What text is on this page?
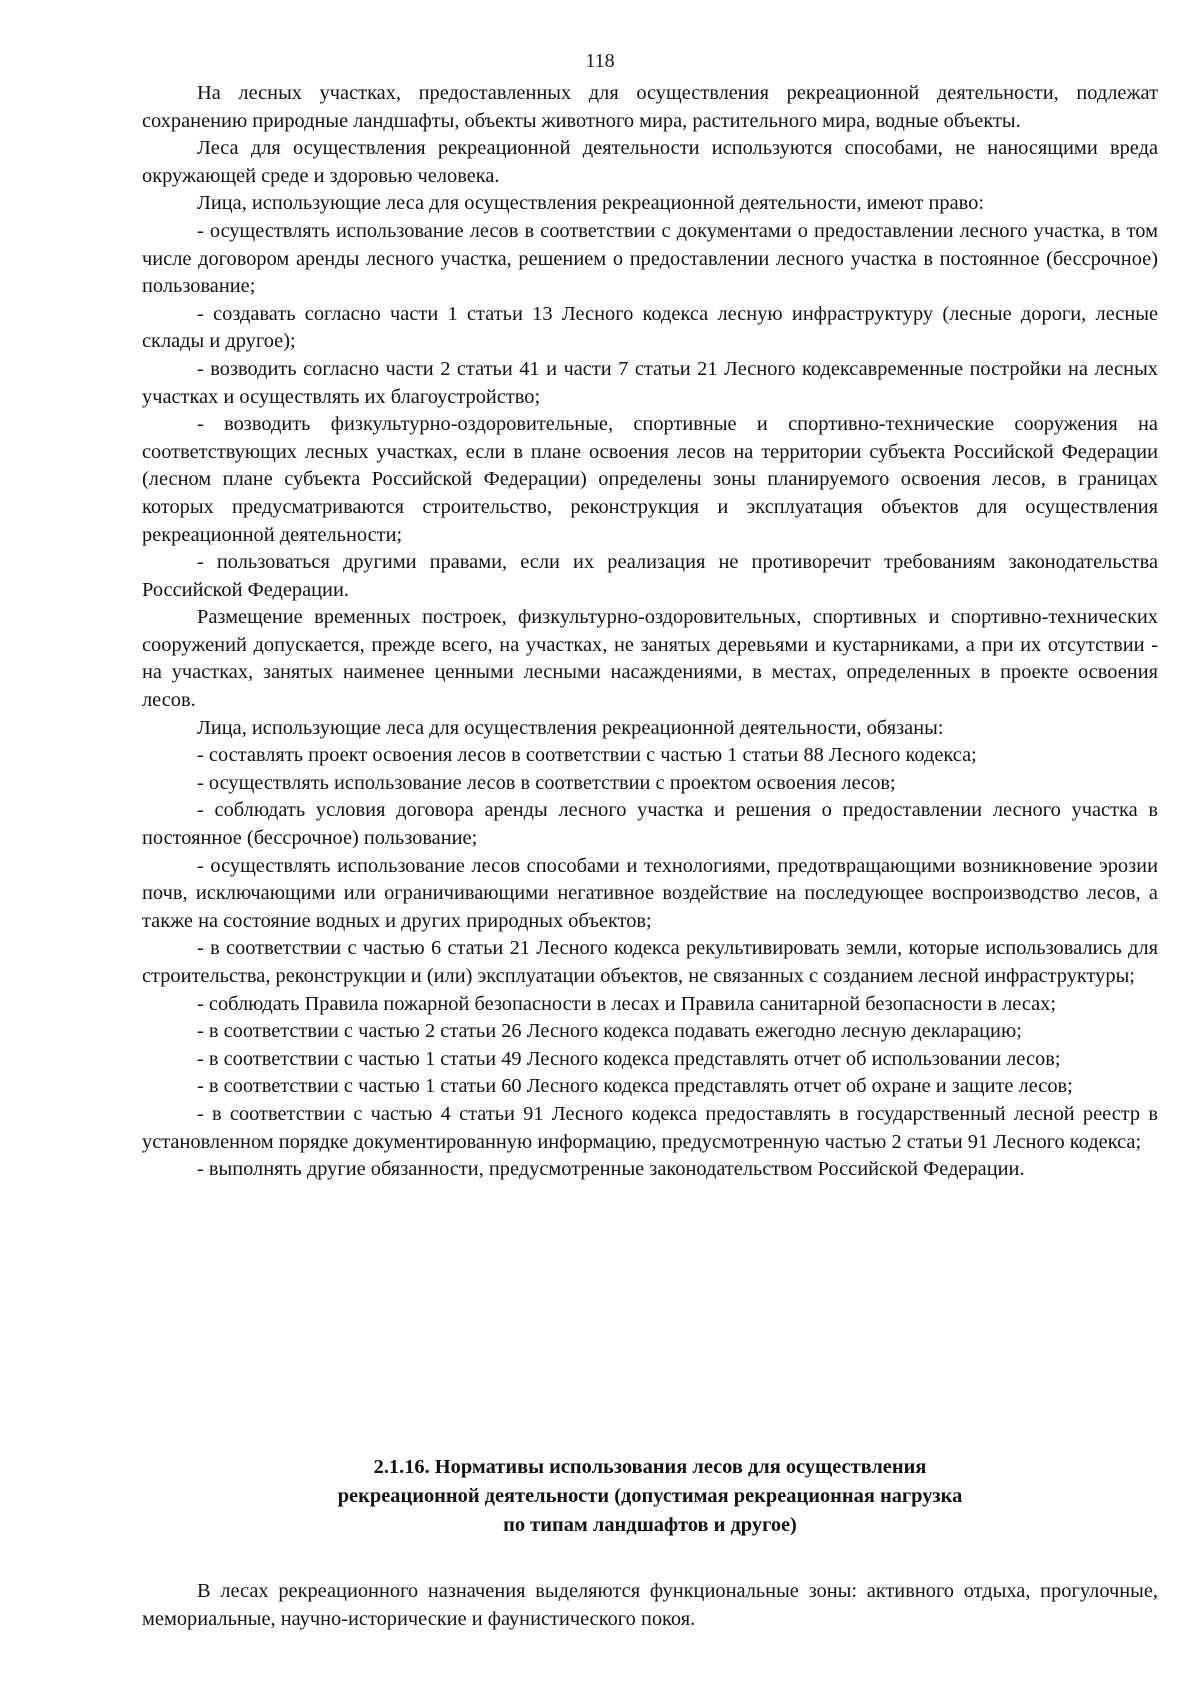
118

На лесных участках, предоставленных для осуществления рекреационной деятельности, подлежат сохранению природные ландшафты, объекты животного мира, растительного мира, водные объекты.

Леса для осуществления рекреационной деятельности используются способами, не наносящими вреда окружающей среде и здоровью человека.

Лица, использующие леса для осуществления рекреационной деятельности, имеют право:

- осуществлять использование лесов в соответствии с документами о предоставлении лесного участка, в том числе договором аренды лесного участка, решением о предоставлении лесного участка в постоянное (бессрочное) пользование;

- создавать согласно части 1 статьи 13 Лесного кодекса лесную инфраструктуру (лесные дороги, лесные склады и другое);

- возводить согласно части 2 статьи 41 и части 7 статьи 21 Лесного кодексавременные постройки на лесных участках и осуществлять их благоустройство;

- возводить физкультурно-оздоровительные, спортивные и спортивно-технические сооружения на соответствующих лесных участках, если в плане освоения лесов на территории субъекта Российской Федерации (лесном плане субъекта Российской Федерации) определены зоны планируемого освоения лесов, в границах которых предусматриваются строительство, реконструкция и эксплуатация объектов для осуществления рекреационной деятельности;

- пользоваться другими правами, если их реализация не противоречит требованиям законодательства Российской Федерации.

Размещение временных построек, физкультурно-оздоровительных, спортивных и спортивно-технических сооружений допускается, прежде всего, на участках, не занятых деревьями и кустарниками, а при их отсутствии - на участках, занятых наименее ценными лесными насаждениями, в местах, определенных в проекте освоения лесов.

Лица, использующие леса для осуществления рекреационной деятельности, обязаны:

- составлять проект освоения лесов в соответствии с частью 1 статьи 88 Лесного кодекса;

- осуществлять использование лесов в соответствии с проектом освоения лесов;

- соблюдать условия договора аренды лесного участка и решения о предоставлении лесного участка в постоянное (бессрочное) пользование;

- осуществлять использование лесов способами и технологиями, предотвращающими возникновение эрозии почв, исключающими или ограничивающими негативное воздействие на последующее воспроизводство лесов, а также на состояние водных и других природных объектов;

- в соответствии с частью 6 статьи 21 Лесного кодекса рекультивировать земли, которые использовались для строительства, реконструкции и (или) эксплуатации объектов, не связанных с созданием лесной инфраструктуры;

- соблюдать Правила пожарной безопасности в лесах и Правила санитарной безопасности в лесах;

- в соответствии с частью 2 статьи 26 Лесного кодекса подавать ежегодно лесную декларацию;

- в соответствии с частью 1 статьи 49 Лесного кодекса представлять отчет об использовании лесов;

- в соответствии с частью 1 статьи 60 Лесного кодекса представлять отчет об охране и защите лесов;

- в соответствии с частью 4 статьи 91 Лесного кодекса предоставлять в государственный лесной реестр в установленном порядке документированную информацию, предусмотренную частью 2 статьи 91 Лесного кодекса;

- выполнять другие обязанности, предусмотренные законодательством Российской Федерации.

2.1.16. Нормативы использования лесов для осуществления
рекреационной деятельности (допустимая рекреационная нагрузка
по типам ландшафтов и другое)

В лесах рекреационного назначения выделяются функциональные зоны: активного отдыха, прогулочные, мемориальные, научно-исторические и фаунистического покоя.
